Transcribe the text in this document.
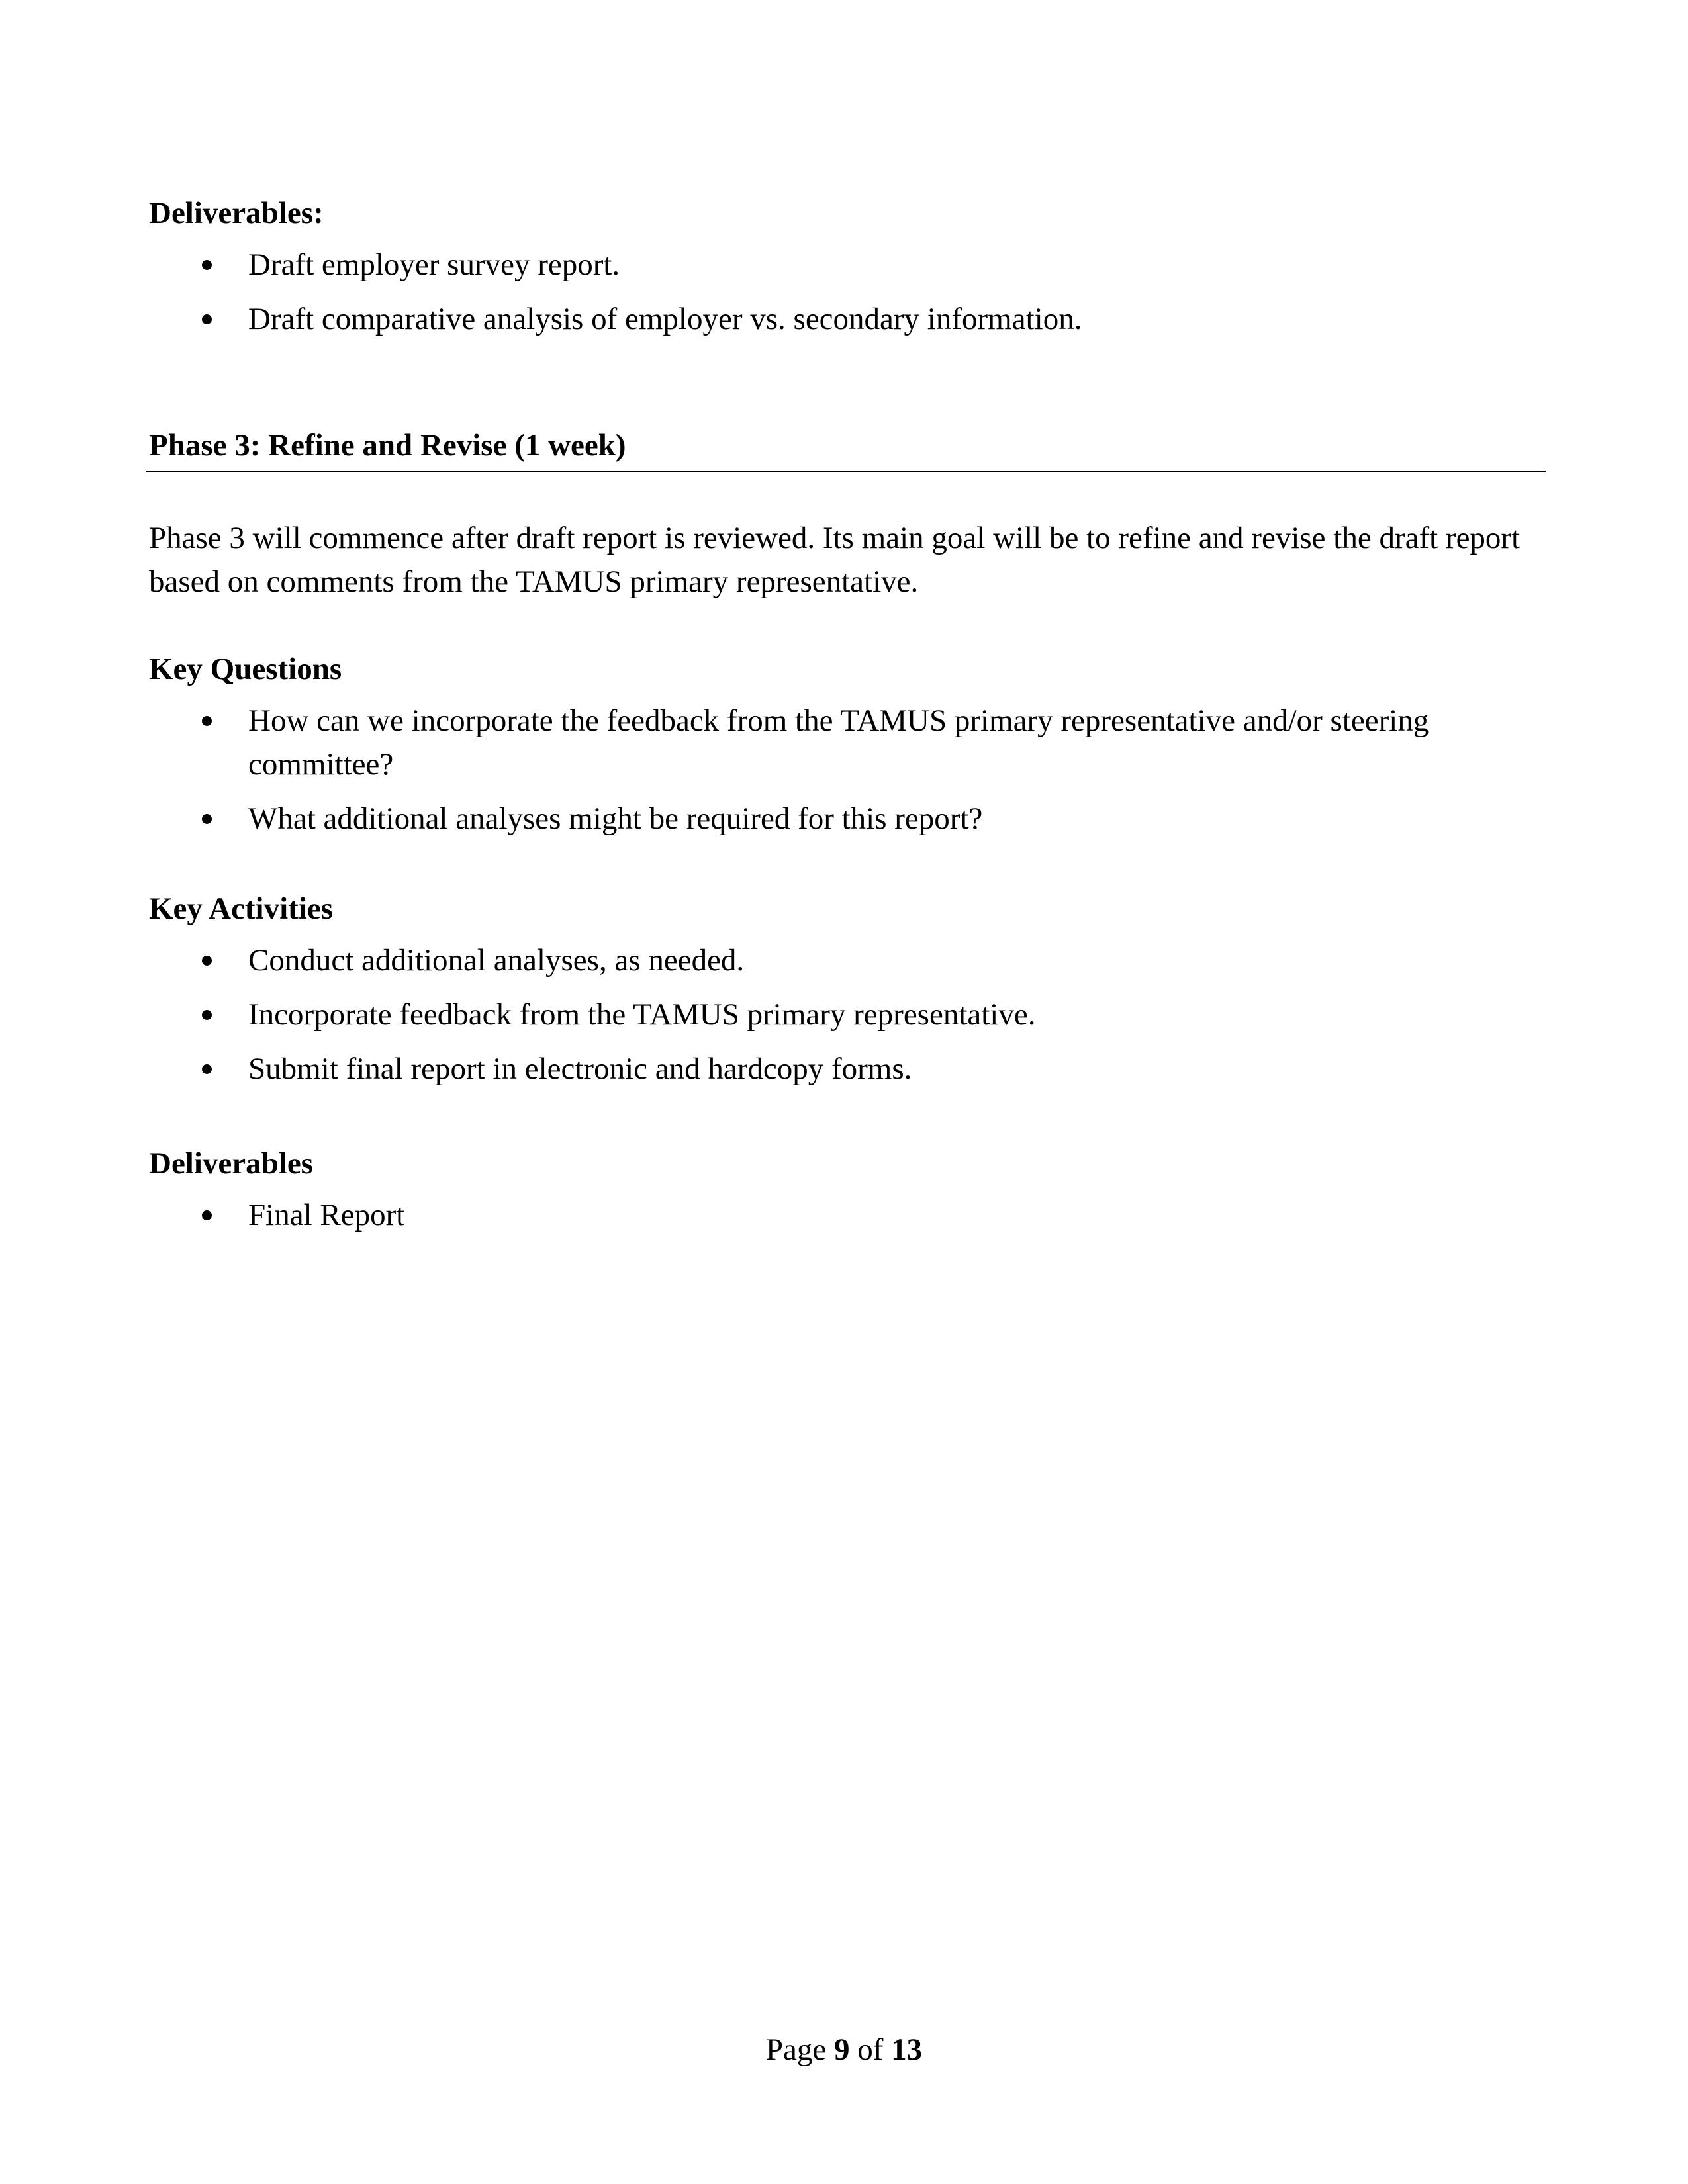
Deliverables:

Draft employer survey report.
Draft comparative analysis of employer vs. secondary information.

Phase 3: Refine and Revise (1 week)

Phase 3 will commence after draft report is reviewed. Its main goal will be to refine and revise the draft report based on comments from the TAMUS primary representative.

Key Questions

How can we incorporate the feedback from the TAMUS primary representative and/or steering committee?
What additional analyses might be required for this report?

Key Activities

Conduct additional analyses, as needed.
Incorporate feedback from the TAMUS primary representative.
Submit final report in electronic and hardcopy forms.

Deliverables

Final Report
Page 9 of 13
